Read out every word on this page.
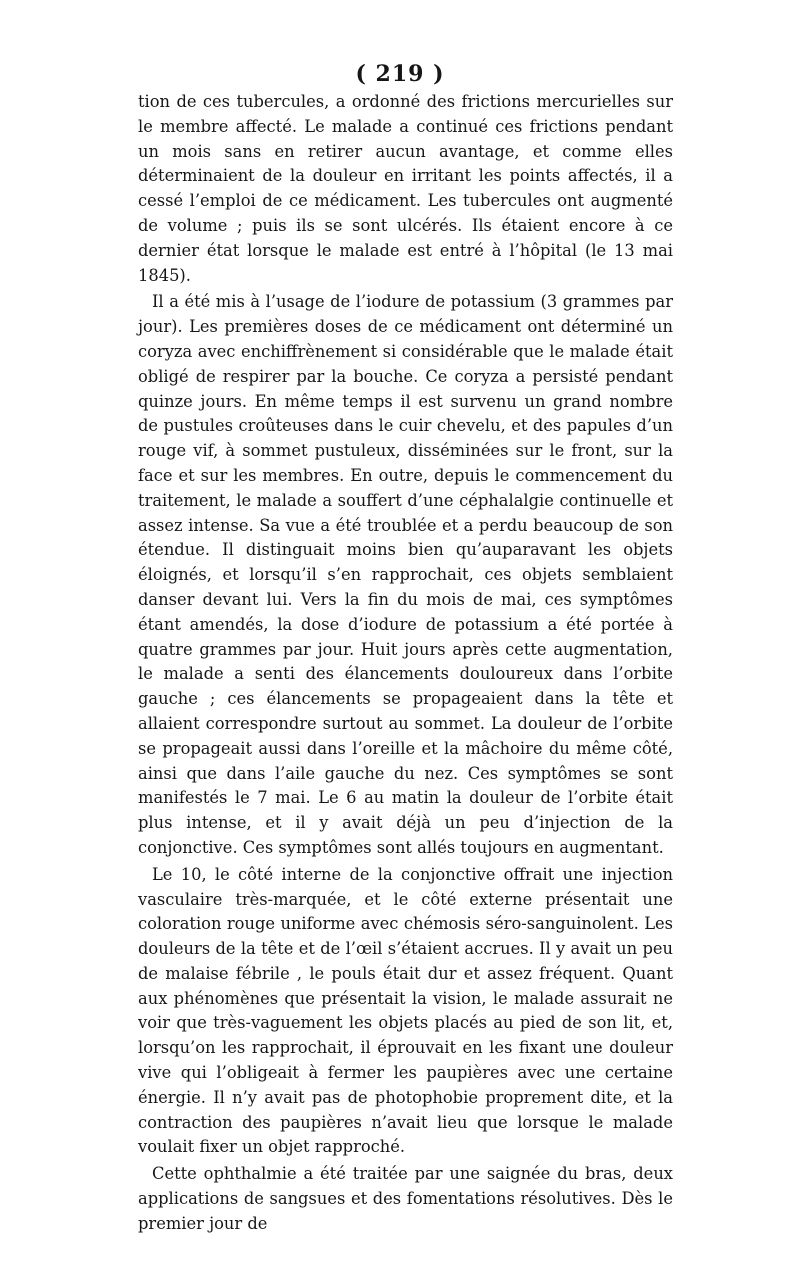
( 219 )

tion de ces tubercules, a ordonné des frictions mercurielles sur le membre affecté. Le malade a continué ces frictions pendant un mois sans en retirer aucun avantage, et comme elles déterminaient de la douleur en irritant les points affectés, il a cessé l’emploi de ce médicament. Les tubercules ont augmenté de volume ; puis ils se sont ulcérés. Ils étaient encore à ce dernier état lorsque le malade est entré à l’hôpital (le 13 mai 1845).

Il a été mis à l’usage de l’iodure de potassium (3 grammes par jour). Les premières doses de ce médicament ont déterminé un coryza avec enchiffrènement si considérable que le malade était obligé de respirer par la bouche. Ce coryza a persisté pendant quinze jours. En même temps il est survenu un grand nombre de pustules croûteuses dans le cuir chevelu, et des papules d’un rouge vif, à sommet pustuleux, disséminées sur le front, sur la face et sur les membres. En outre, depuis le commencement du traitement, le malade a souffert d’une céphalalgie continuelle et assez intense. Sa vue a été troublée et a perdu beaucoup de son étendue. Il distinguait moins bien qu’auparavant les objets éloignés, et lorsqu’il s’en rapprochait, ces objets semblaient danser devant lui. Vers la fin du mois de mai, ces symptômes étant amendés, la dose d’iodure de potassium a été portée à quatre grammes par jour. Huit jours après cette augmentation, le malade a senti des élancements douloureux dans l’orbite gauche ; ces élancements se propageaient dans la tête et allaient correspondre surtout au sommet. La douleur de l’orbite se propageait aussi dans l’oreille et la mâchoire du même côté, ainsi que dans l’aile gauche du nez. Ces symptômes se sont manifestés le 7 mai. Le 6 au matin la douleur de l’orbite était plus intense, et il y avait déjà un peu d’injection de la conjonctive. Ces symptômes sont allés toujours en augmentant.

Le 10, le côté interne de la conjonctive offrait une injection vasculaire très-marquée, et le côté externe présentait une coloration rouge uniforme avec chémosis séro-sanguinolent. Les douleurs de la tête et de l’œil s’étaient accrues. Il y avait un peu de malaise fébrile , le pouls était dur et assez fréquent. Quant aux phénomènes que présentait la vision, le malade assurait ne voir que très-vaguement les objets placés au pied de son lit, et, lorsqu’on les rapprochait, il éprouvait en les fixant une douleur vive qui l’obligeait à fermer les paupières avec une certaine énergie. Il n’y avait pas de photophobie proprement dite, et la contraction des paupières n’avait lieu que lorsque le malade voulait fixer un objet rapproché.

Cette ophthalmie a été traitée par une saignée du bras, deux applications de sangsues et des fomentations résolutives. Dès le premier jour de
